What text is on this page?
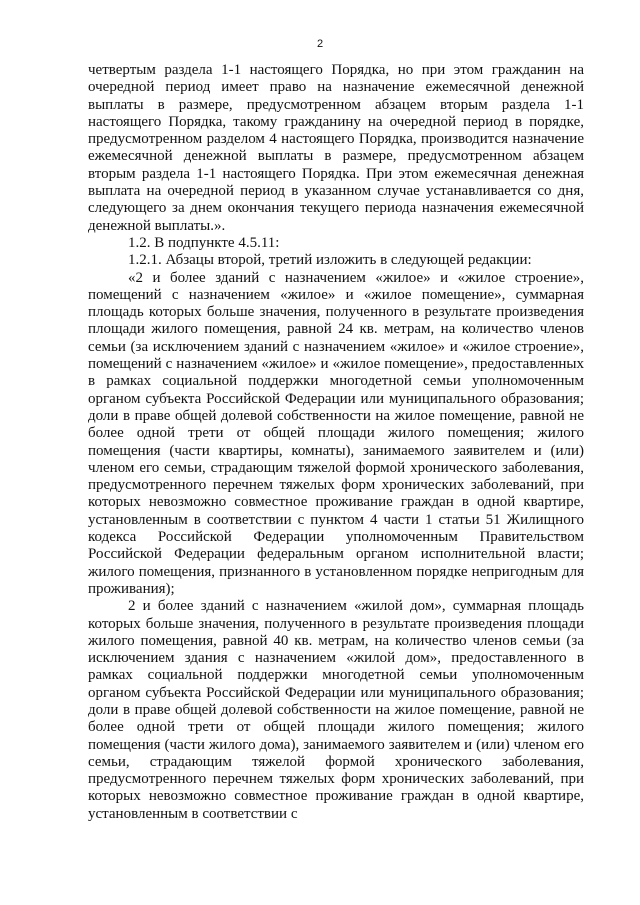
2

четвертым раздела 1-1 настоящего Порядка, но при этом гражданин на очередной период имеет право на назначение ежемесячной денежной выплаты в размере, предусмотренном абзацем вторым раздела 1-1 настоящего Порядка, такому гражданину на очередной период в порядке, предусмотренном разделом 4 настоящего Порядка, производится назначение ежемесячной денежной выплаты в размере, предусмотренном абзацем вторым раздела 1-1 настоящего Порядка. При этом ежемесячная денежная выплата на очередной период в указанном случае устанавливается со дня, следующего за днем окончания текущего периода назначения ежемесячной денежной выплаты.».

1.2. В подпункте 4.5.11:

1.2.1. Абзацы второй, третий изложить в следующей редакции:

«2 и более зданий с назначением «жилое» и «жилое строение», помещений с назначением «жилое» и «жилое помещение», суммарная площадь которых больше значения, полученного в результате произведения площади жилого помещения, равной 24 кв. метрам, на количество членов семьи (за исключением зданий с назначением «жилое» и «жилое строение», помещений с назначением «жилое» и «жилое помещение», предоставленных в рамках социальной поддержки многодетной семьи уполномоченным органом субъекта Российской Федерации или муниципального образования; доли в праве общей долевой собственности на жилое помещение, равной не более одной трети от общей площади жилого помещения; жилого помещения (части квартиры, комнаты), занимаемого заявителем и (или) членом его семьи, страдающим тяжелой формой хронического заболевания, предусмотренного перечнем тяжелых форм хронических заболеваний, при которых невозможно совместное проживание граждан в одной квартире, установленным в соответствии с пунктом 4 части 1 статьи 51 Жилищного кодекса Российской Федерации уполномоченным Правительством Российской Федерации федеральным органом исполнительной власти; жилого помещения, признанного в установленном порядке непригодным для проживания);

2 и более зданий с назначением «жилой дом», суммарная площадь которых больше значения, полученного в результате произведения площади жилого помещения, равной 40 кв. метрам, на количество членов семьи (за исключением здания с назначением «жилой дом», предоставленного в рамках социальной поддержки многодетной семьи уполномоченным органом субъекта Российской Федерации или муниципального образования; доли в праве общей долевой собственности на жилое помещение, равной не более одной трети от общей площади жилого помещения; жилого помещения (части жилого дома), занимаемого заявителем и (или) членом его семьи, страдающим тяжелой формой хронического заболевания, предусмотренного перечнем тяжелых форм хронических заболеваний, при которых невозможно совместное проживание граждан в одной квартире, установленным в соответствии с
